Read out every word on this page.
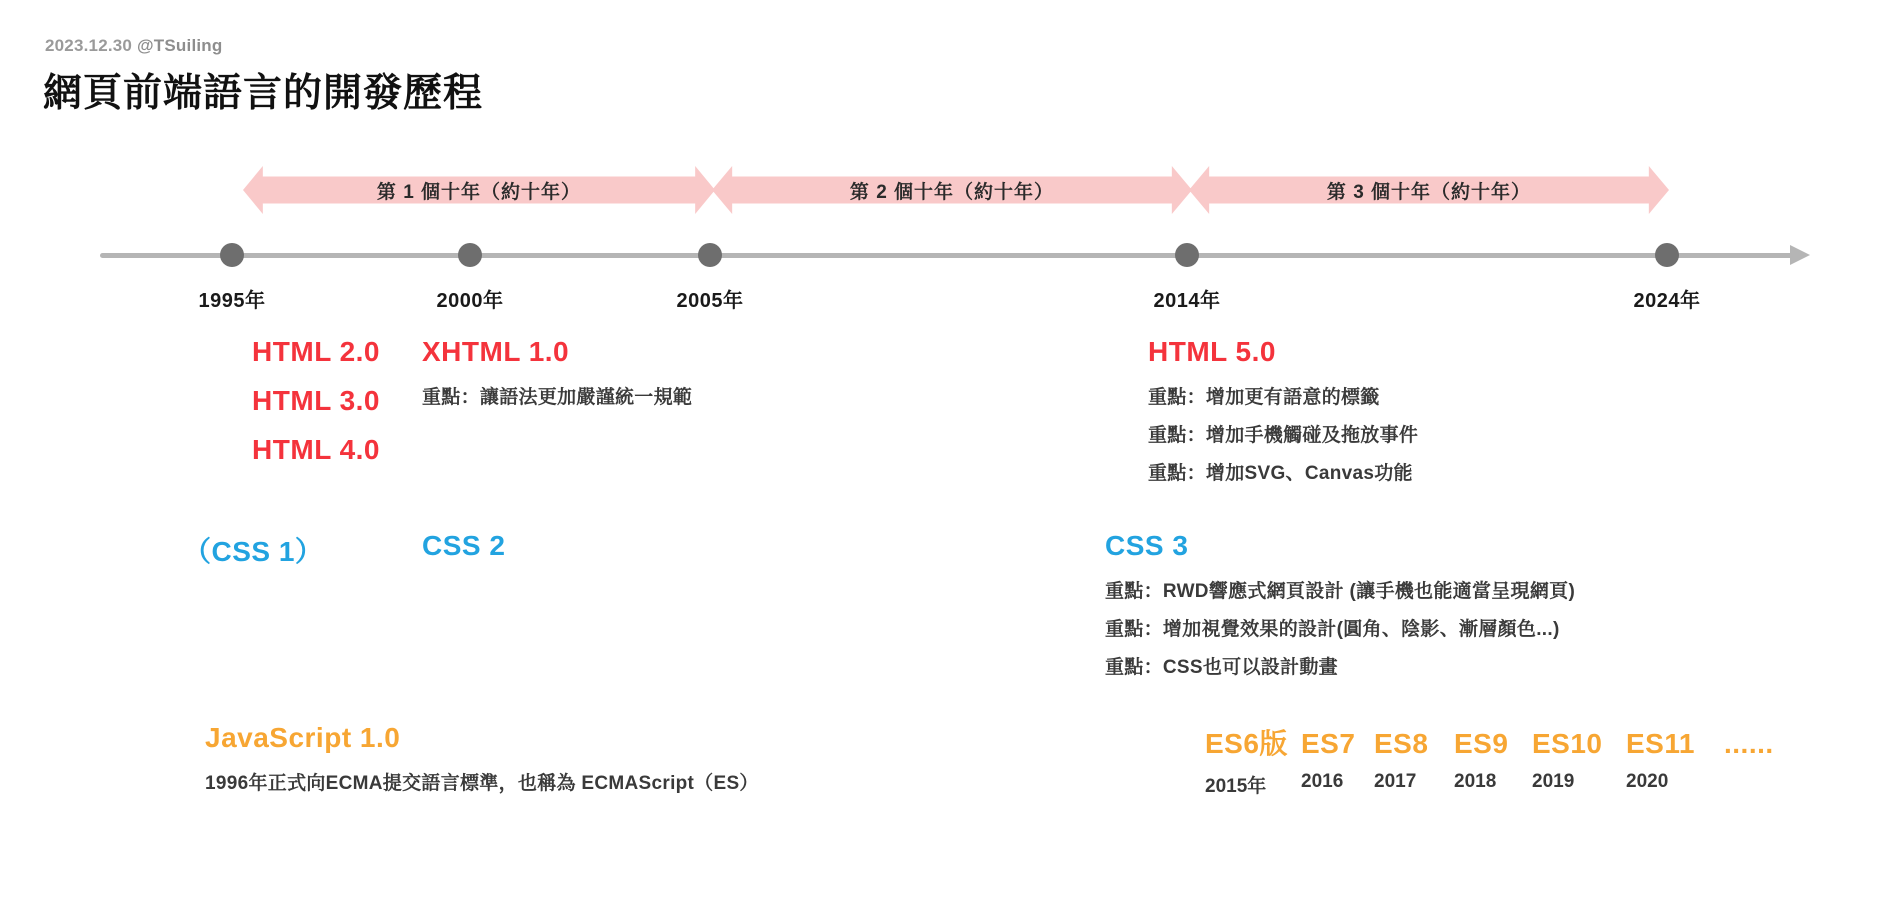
2023.12.30 @TSuiling
網頁前端語言的開發歷程
第 1 個十年（約十年）	第 2 個十年（約十年）	第 3 個十年（約十年）
1995年	2000年	2005年	2014年	2024年
HTML 2.0
HTML 3.0
HTML 4.0
XHTML 1.0
重點：讓語法更加嚴謹統一規範
HTML 5.0
重點：增加更有語意的標籤
重點：增加手機觸碰及拖放事件
重點：增加SVG、Canvas功能
（CSS 1）	CSS 2	CSS 3
重點：RWD響應式網頁設計 (讓手機也能適當呈現網頁)
重點：增加視覺效果的設計(圓角、陰影、漸層顏色...)
重點：CSS也可以設計動畫
JavaScript 1.0
1996年正式向ECMA提交語言標準，也稱為 ECMAScript（ES）
ES6版 ES7 ES8 ES9 ES10 ES11	......
2015年	2016	2017	2018	2019	2020
